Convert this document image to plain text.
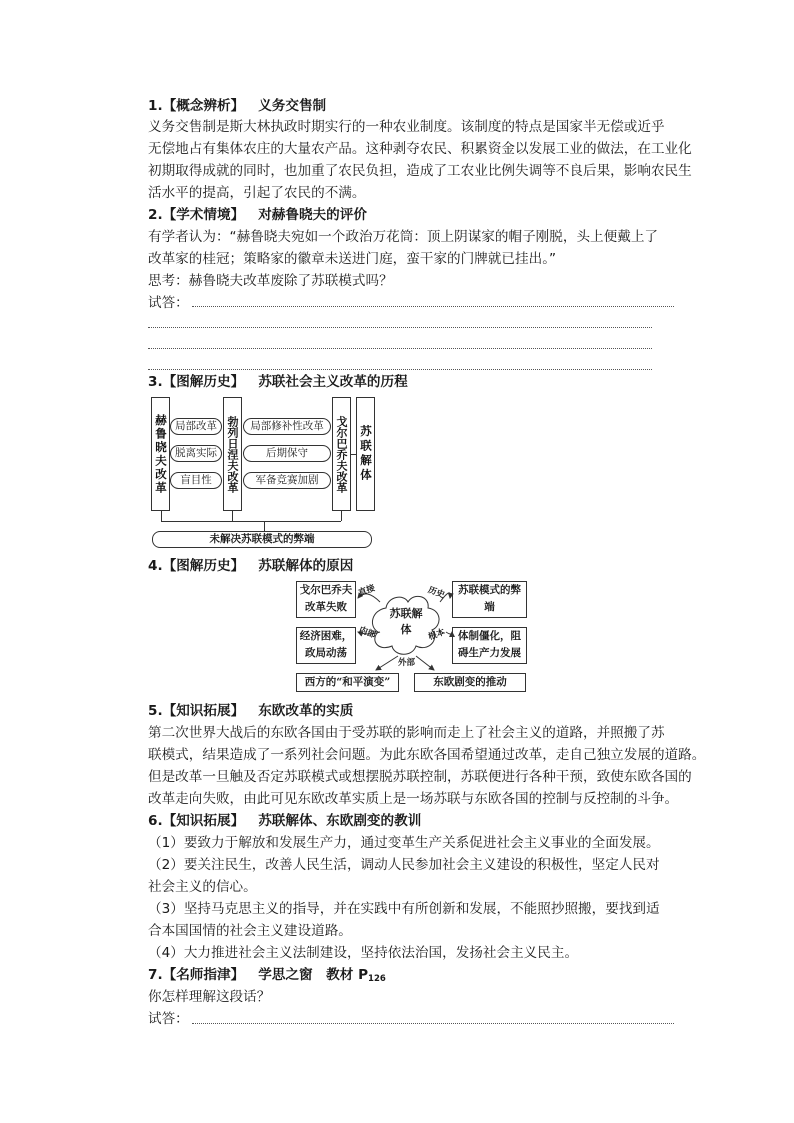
1.【概念辨析】 义务交售制
义务交售制是斯大林执政时期实行的一种农业制度。该制度的特点是国家半无偿或近乎
无偿地占有集体农庄的大量农产品。这种剥夺农民、积累资金以发展工业的做法，在工业化
初期取得成就的同时，也加重了农民负担，造成了工农业比例失调等不良后果，影响农民生
活水平的提高，引起了农民的不满。
2.【学术情境】 对赫鲁晓夫的评价
有学者认为：“赫鲁晓夫宛如一个政治万花筒：顶上阴谋家的帽子刚脱，头上便戴上了
改革家的桂冠；策略家的徽章未送进门庭，蛮干家的门牌就已挂出。”
思考：赫鲁晓夫改革废除了苏联模式吗？
试答：
3.【图解历史】 苏联社会主义改革的历程
赫鲁晓夫改革 局部改革
脱离实际
盲目性	勃列日涅夫改革	局部修补性改革
后期保守
军备竞赛加剧	戈尔巴乔夫改革 苏联解体
未解决苏联模式的弊端
4.【图解历史】 苏联解体的原因
戈尔巴乔夫改革失败
经济困难，政局动荡
苏联模式的弊端
体制僵化，阻碍生产力发展
西方的“和平演变”	东欧剧变的推动
苏联解体
直接
内部
历史
根本
外部
5.【知识拓展】 东欧改革的实质
第二次世界大战后的东欧各国由于受苏联的影响而走上了社会主义的道路，并照搬了苏
联模式，结果造成了一系列社会问题。为此东欧各国希望通过改革，走自己独立发展的道路。
但是改革一旦触及否定苏联模式或想摆脱苏联控制，苏联便进行各种干预，致使东欧各国的
改革走向失败，由此可见东欧改革实质上是一场苏联与东欧各国的控制与反控制的斗争。
6.【知识拓展】 苏联解体、东欧剧变的教训
（1）要致力于解放和发展生产力，通过变革生产关系促进社会主义事业的全面发展。
（2）要关注民生，改善人民生活，调动人民参加社会主义建设的积极性，坚定人民对
社会主义的信心。
（3）坚持马克思主义的指导，并在实践中有所创新和发展，不能照抄照搬，要找到适
合本国国情的社会主义建设道路。
（4）大力推进社会主义法制建设，坚持依法治国，发扬社会主义民主。
7.【名师指津】 学思之窗　教材 $P_{126}$
你怎样理解这段话？
试答：
